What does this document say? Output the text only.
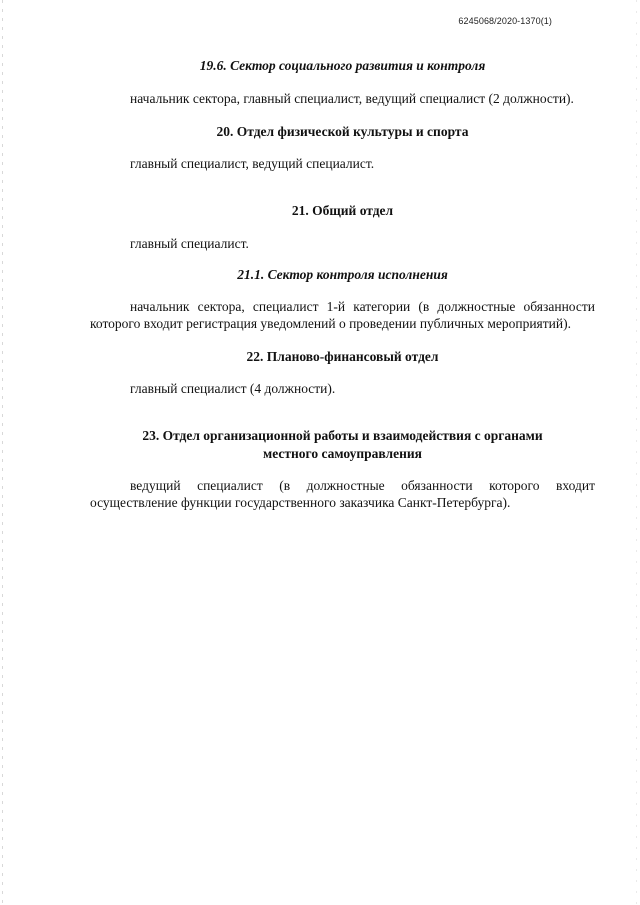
6245068/2020-1370(1)
19.6. Сектор социального развития и контроля
начальник сектора, главный специалист, ведущий специалист (2 должности).
20. Отдел физической культуры и спорта
главный специалист, ведущий специалист.
21. Общий отдел
главный специалист.
21.1. Сектор контроля исполнения
начальник сектора, специалист 1-й категории (в должностные обязанности которого входит регистрация уведомлений о проведении публичных мероприятий).
22. Планово-финансовый отдел
главный специалист (4 должности).
23. Отдел организационной работы и взаимодействия с органами
местного самоуправления
ведущий специалист (в должностные обязанности которого входит осуществление функции государственного заказчика Санкт-Петербурга).
